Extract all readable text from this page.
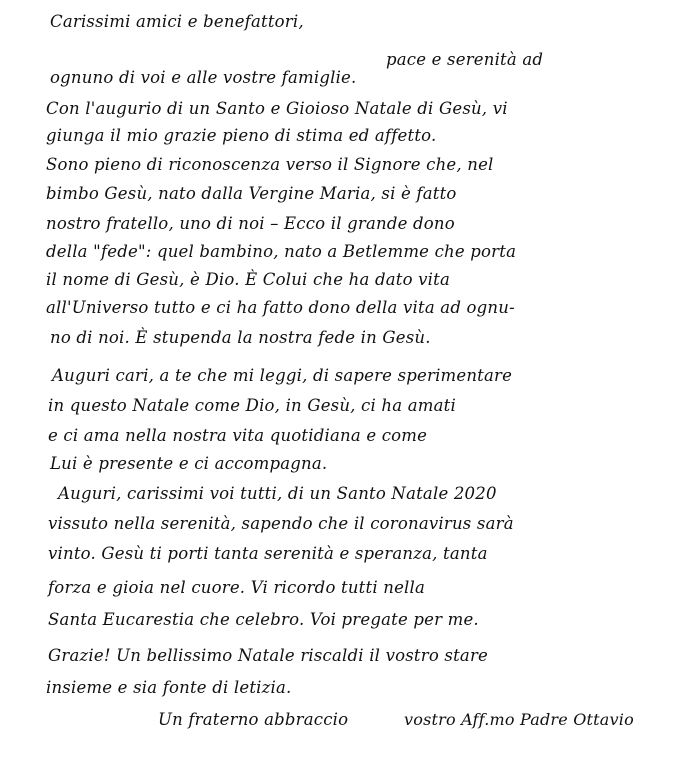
Carissimi amici e benefattori,
pace e serenità ad
ognuno di voi e alle vostre famiglie.
Con l'augurio di un Santo e Gioioso Natale di Gesù, vi
giunga il mio grazie pieno di stima ed affetto.
Sono pieno di riconoscenza verso il Signore che, nel
bimbo Gesù, nato dalla Vergine Maria, si è fatto
nostro fratello, uno di noi – Ecco il grande dono
della "fede": quel bambino, nato a Betlemme che porta
il nome di Gesù, è Dio. È Colui che ha dato vita
all'Universo tutto e ci ha fatto dono della vita ad ognu-
no di noi. È stupenda la nostra fede in Gesù.
Auguri cari, a te che mi leggi, di sapere sperimentare
in questo Natale come Dio, in Gesù, ci ha amati
e ci ama nella nostra vita quotidiana e come
Lui è presente e ci accompagna.
Auguri, carissimi voi tutti, di un Santo Natale 2020
vissuto nella serenità, sapendo che il coronavirus sarà
vinto. Gesù ti porti tanta serenità e speranza, tanta
forza e gioia nel cuore. Vi ricordo tutti nella
Santa Eucarestia che celebro. Voi pregate per me.
Grazie! Un bellissimo Natale riscaldi il vostro stare
insieme e sia fonte di letizia.
Un fraterno abbraccio	vostro Aff.mo Padre Ottavio
